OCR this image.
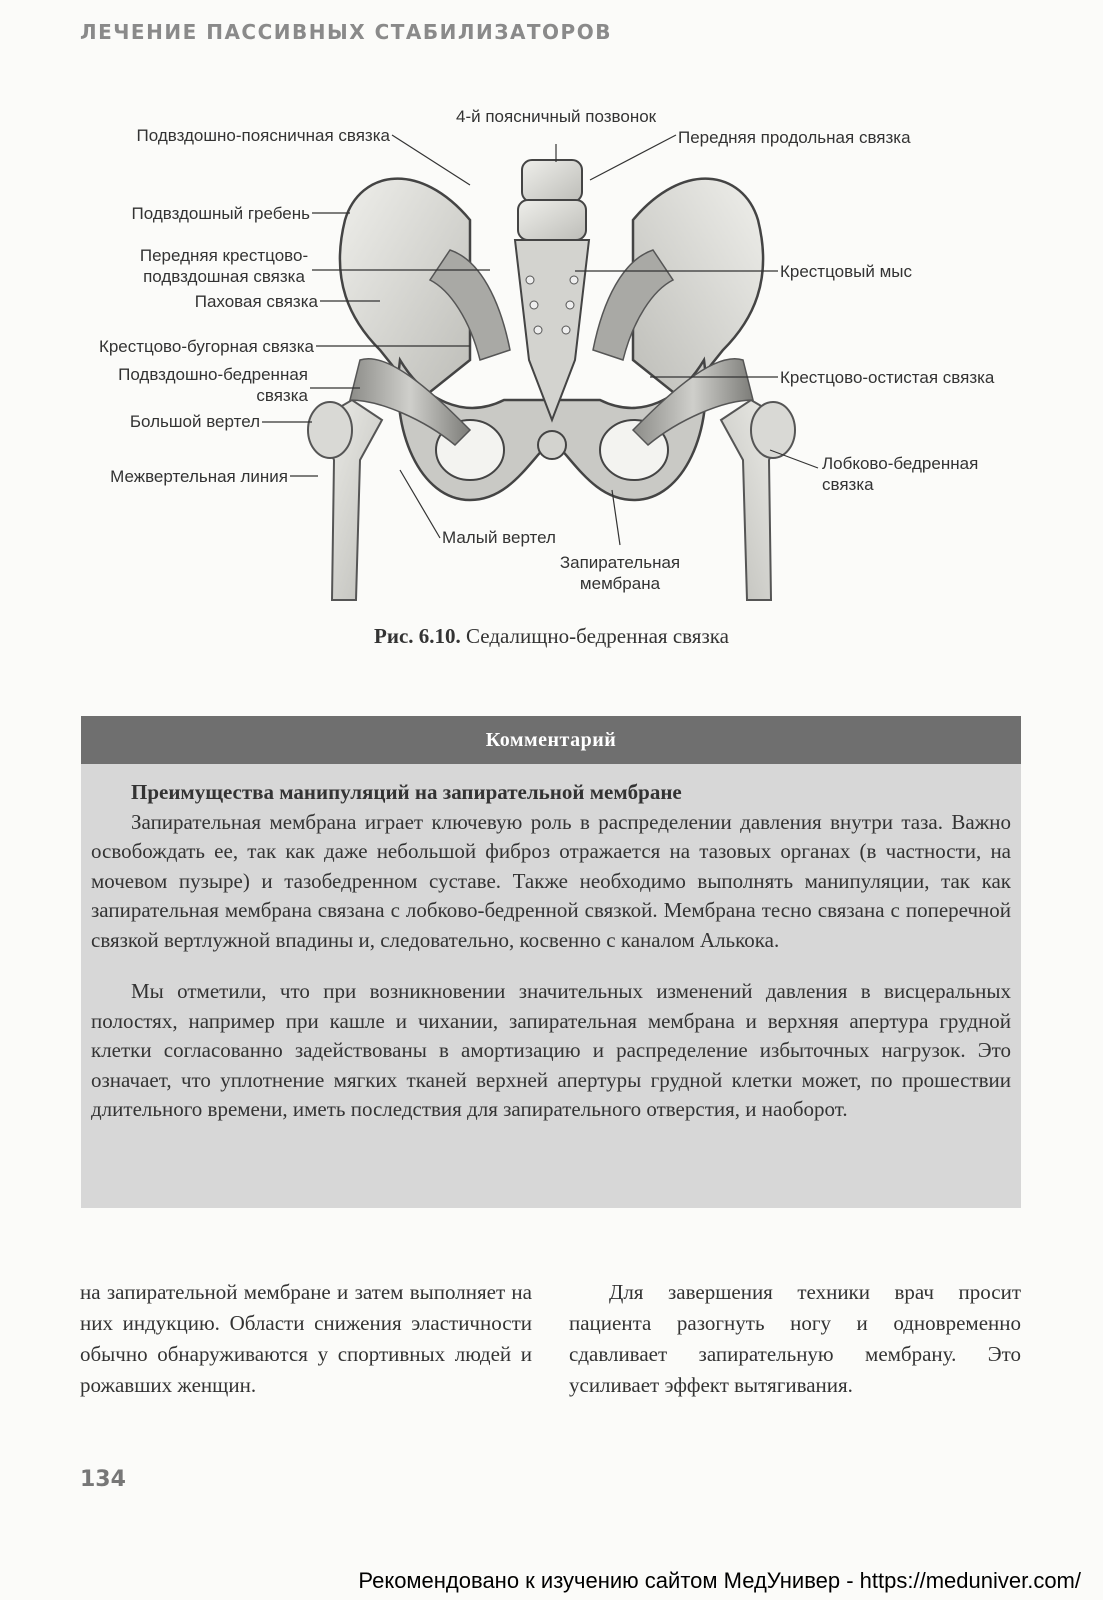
ЛЕЧЕНИЕ ПАССИВНЫХ СТАБИЛИЗАТОРОВ
4-й поясничный позвонок
Подвздошно-поясничная связка	Передняя продольная связка
Подвздошный гребень
Передняя крестцово-
подвздошная связка	Крестцовый мыс
Паховая связка
Крестцово-бугорная связка
Подвздошно-бедренная
связка
Крестцово-остистая связка
Большой вертел
Лобково-бедренная
связка
Межвертельная линия
Малый вертел
Запирательная
мембрана
Рис. 6.10. Седалищно-бедренная связка
Комментарий

Преимущества манипуляций на запирательной мембране

Запирательная мембрана играет ключевую роль в распределении давления внутри таза. Важно освобождать ее, так как даже небольшой фиброз отражается на тазовых органах (в частности, на мочевом пузыре) и тазобедренном суставе. Также необходимо выполнять манипуляции, так как запирательная мембрана связана с лобково-бедренной связкой. Мембрана тесно связана с поперечной связкой вертлужной впадины и, следовательно, косвенно с каналом Алькока.

Мы отметили, что при возникновении значительных изменений давления в висцеральных полостях, например при кашле и чихании, запирательная мембрана и верхняя апертура грудной клетки согласованно задействованы в амортизацию и распределение избыточных нагрузок. Это означает, что уплотнение мягких тканей верхней апертуры грудной клетки может, по прошествии длительного времени, иметь последствия для запирательного отверстия, и наоборот.

на запирательной мембране и затем выполняет на них индукцию. Области снижения эластичности обычно обнаруживаются у спортивных людей и рожавших женщин.

Для завершения техники врач просит пациента разогнуть ногу и одновременно сдавливает запирательную мембрану. Это усиливает эффект вытягивания.

134
Рекомендовано к изучению сайтом МедУнивер - https://meduniver.com/
